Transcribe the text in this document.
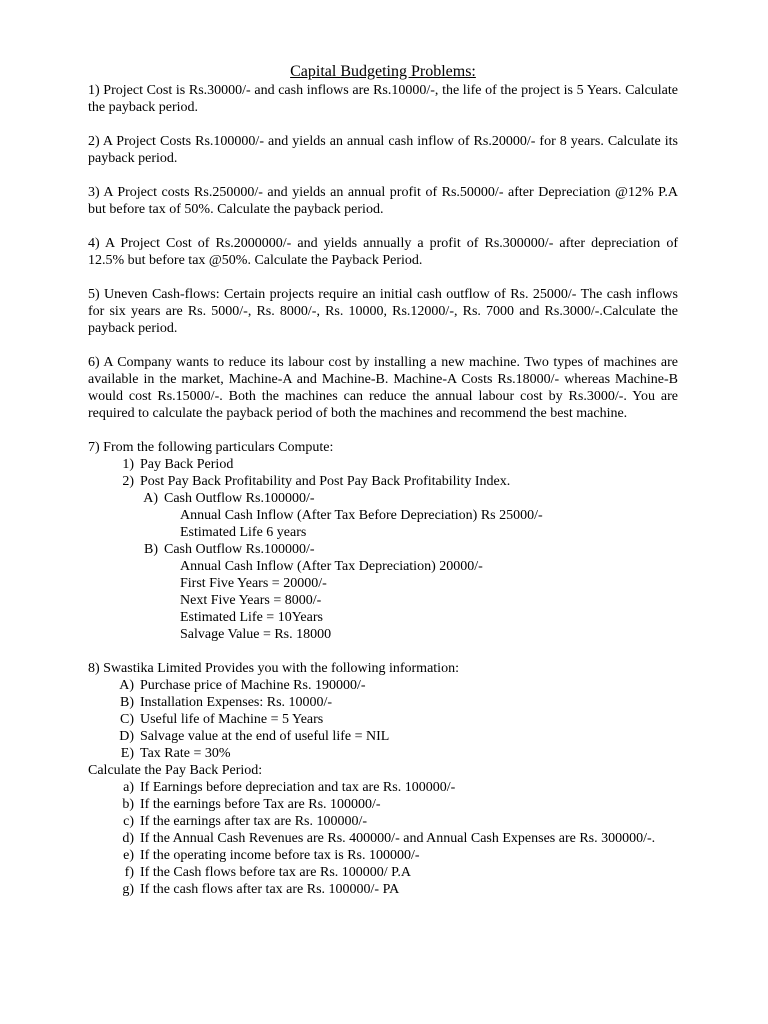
Capital Budgeting Problems:

1) Project Cost is Rs.30000/- and cash inflows are Rs.10000/-, the life of the project is 5 Years. Calculate the payback period.

2) A Project Costs Rs.100000/- and yields an annual cash inflow of Rs.20000/- for 8 years. Calculate its payback period.

3) A Project costs Rs.250000/- and yields an annual profit of Rs.50000/- after Depreciation @12% P.A but before tax of 50%. Calculate the payback period.

4) A Project Cost of Rs.2000000/- and yields annually a profit of Rs.300000/- after depreciation of 12.5% but before tax @50%. Calculate the Payback Period.

5) Uneven Cash-flows: Certain projects require an initial cash outflow of Rs. 25000/- The cash inflows for six years are Rs. 5000/-, Rs. 8000/-, Rs. 10000, Rs.12000/-, Rs. 7000 and Rs.3000/-.Calculate the payback period.

6) A Company wants to reduce its labour cost by installing a new machine. Two types of machines are available in the market, Machine-A and Machine-B. Machine-A Costs Rs.18000/- whereas Machine-B would cost Rs.15000/-. Both the machines can reduce the annual labour cost by Rs.3000/-. You are required to calculate the payback period of both the machines and recommend the best machine.

7) From the following particulars Compute:

1) Pay Back Period
2) Post Pay Back Profitability and Post Pay Back Profitability Index.
A) Cash Outflow Rs.100000/-

Annual Cash Inflow (After Tax Before Depreciation) Rs 25000/-

Estimated Life 6 years

B) Cash Outflow Rs.100000/-

Annual Cash Inflow (After Tax Depreciation) 20000/-

First Five Years = 20000/-

Next Five Years = 8000/-

Estimated Life = 10Years

Salvage Value = Rs. 18000

8) Swastika Limited Provides you with the following information:

A) Purchase price of Machine Rs. 190000/-
B) Installation Expenses: Rs. 10000/-
C) Useful life of Machine = 5 Years
D) Salvage value at the end of useful life = NIL
E) Tax Rate = 30%

Calculate the Pay Back Period:

a) If Earnings before depreciation and tax are Rs. 100000/-
b) If the earnings before Tax are Rs. 100000/-
c) If the earnings after tax are Rs. 100000/-
d) If the Annual Cash Revenues are Rs. 400000/- and Annual Cash Expenses are Rs. 300000/-.
e) If the operating income before tax is Rs. 100000/-
f) If the Cash flows before tax are Rs. 100000/ P.A
g) If the cash flows after tax are Rs. 100000/- PA
